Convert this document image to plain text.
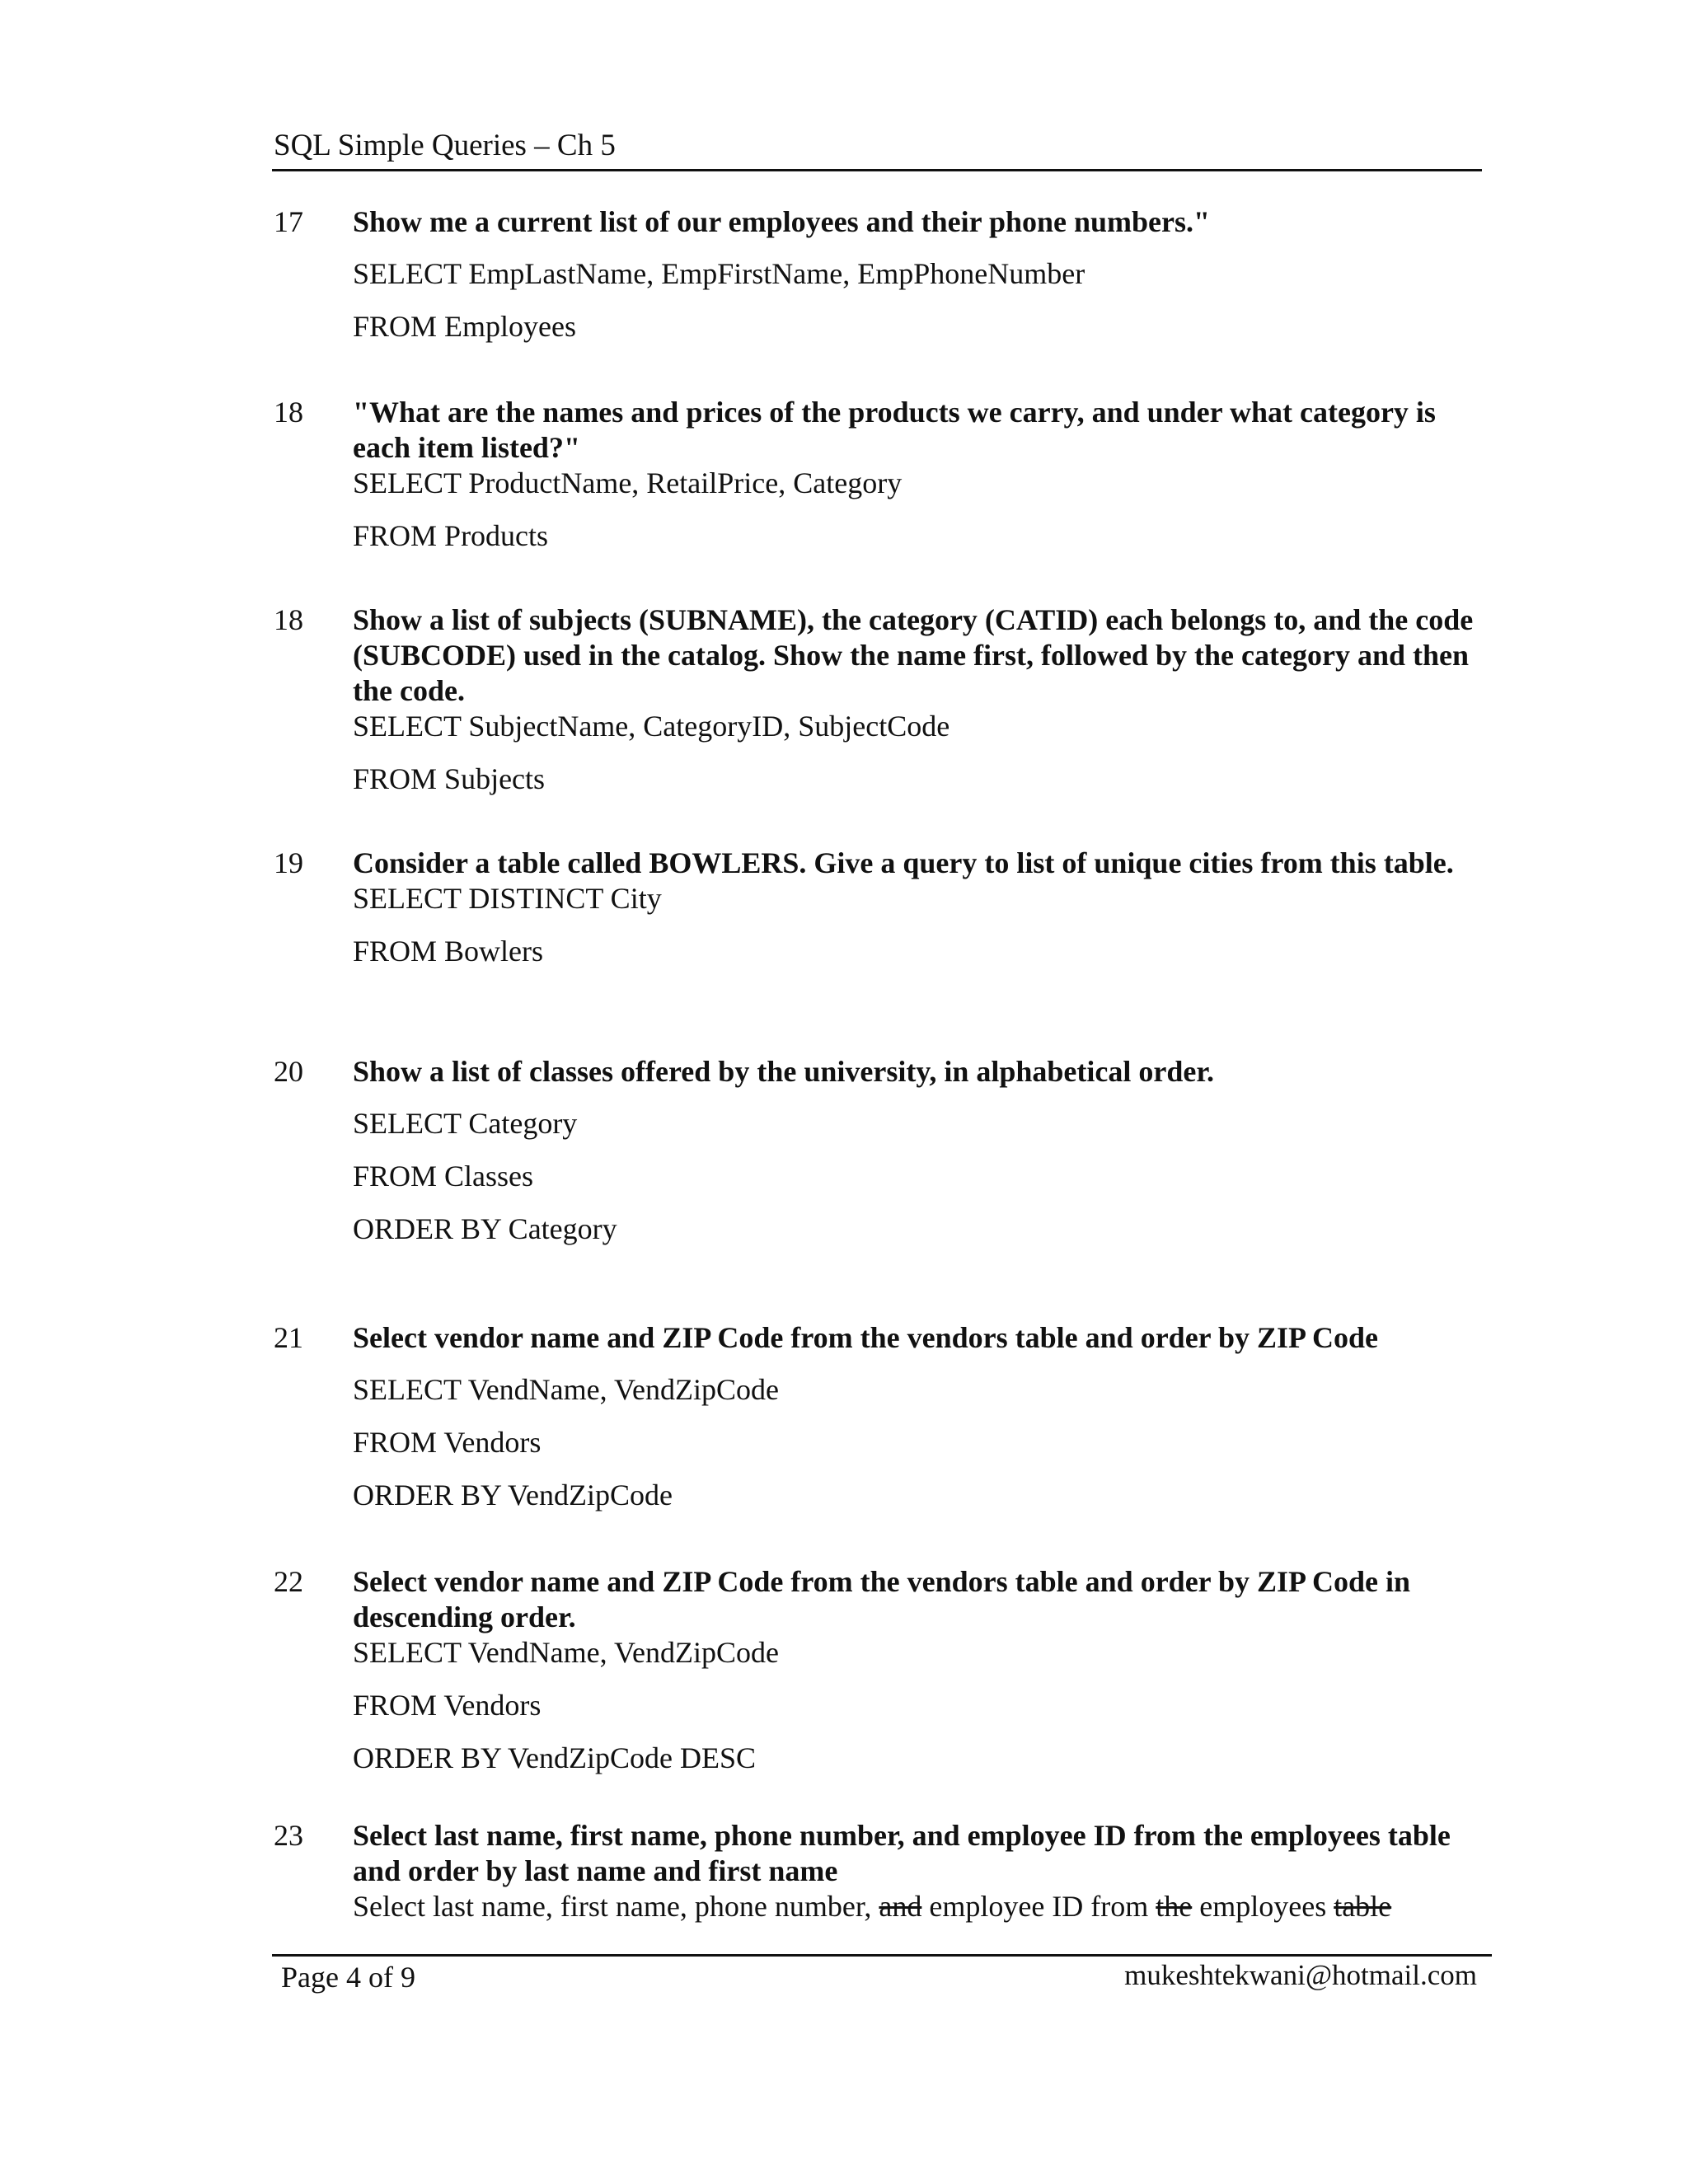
SQL Simple Queries – Ch 5
17 Show me a current list of our employees and their phone numbers."

SELECT EmpLastName, EmpFirstName, EmpPhoneNumber

FROM Employees

18 "What are the names and prices of the products we carry, and under what category is each item listed?"

SELECT ProductName, RetailPrice, Category

FROM Products

18 Show a list of subjects (SUBNAME), the category (CATID) each belongs to, and the code (SUBCODE) used in the catalog. Show the name first, followed by the category and then the code.

SELECT SubjectName, CategoryID, SubjectCode

FROM Subjects

19 Consider a table called BOWLERS. Give a query to list of unique cities from this table.

SELECT DISTINCT City

FROM Bowlers

20 Show a list of classes offered by the university, in alphabetical order.

SELECT Category

FROM Classes

ORDER BY Category

21 Select vendor name and ZIP Code from the vendors table and order by ZIP Code

SELECT VendName, VendZipCode

FROM Vendors

ORDER BY VendZipCode

22 Select vendor name and ZIP Code from the vendors table and order by ZIP Code in descending order.

SELECT VendName, VendZipCode

FROM Vendors

ORDER BY VendZipCode DESC

23 Select last name, first name, phone number, and employee ID from the employees table and order by last name and first name

Select last name, first name, phone number, and employee ID from the employees table

Page 4 of 9	mukeshtekwani@hotmail.com
